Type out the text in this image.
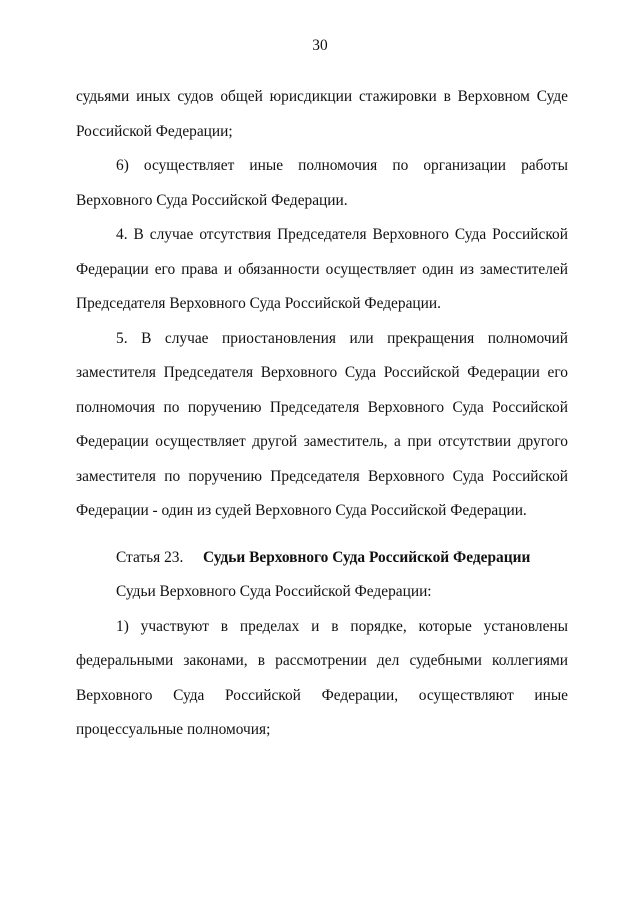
30
судьями иных судов общей юрисдикции стажировки в Верховном Суде
Российской Федерации;
6) осуществляет иные полномочия по организации работы
Верховного Суда Российской Федерации.
4. В случае отсутствия Председателя Верховного Суда Российской
Федерации его права и обязанности осуществляет один из заместителей
Председателя Верховного Суда Российской Федерации.
5. В случае приостановления или прекращения полномочий
заместителя Председателя Верховного Суда Российской Федерации его
полномочия по поручению Председателя Верховного Суда Российской
Федерации осуществляет другой заместитель, а при отсутствии другого
заместителя по поручению Председателя Верховного Суда Российской
Федерации - один из судей Верховного Суда Российской Федерации.
Статья 23.	Судьи Верховного Суда Российской Федерации
Судьи Верховного Суда Российской Федерации:
1) участвуют в пределах и в порядке, которые установлены
федеральными законами, в рассмотрении дел судебными коллегиями
Верховного Суда Российской Федерации, осуществляют иные
процессуальные полномочия;
